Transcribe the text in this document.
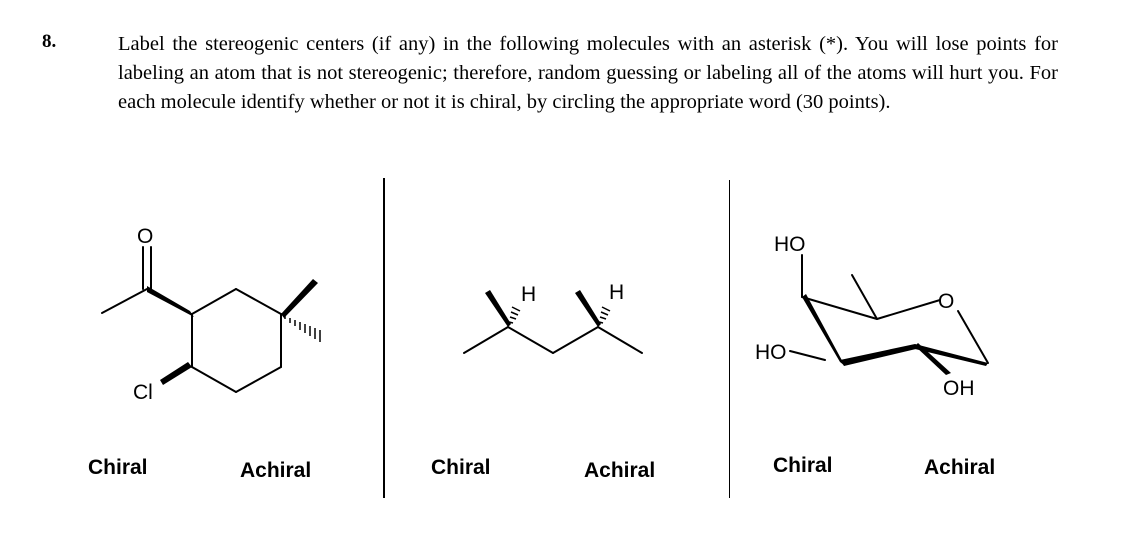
8.	Label the stereogenic centers (if any) in the following molecules with an asterisk (*). You will lose points for labeling an atom that is not stereogenic; therefore, random guessing or labeling all of the atoms will hurt you. For each molecule identify whether or not it is chiral, by circling the appropriate word (30 points).
O
Cl
H	H
HO
HO
O
OH
Chiral	Achiral	Chiral	Achiral	Chiral	Achiral
